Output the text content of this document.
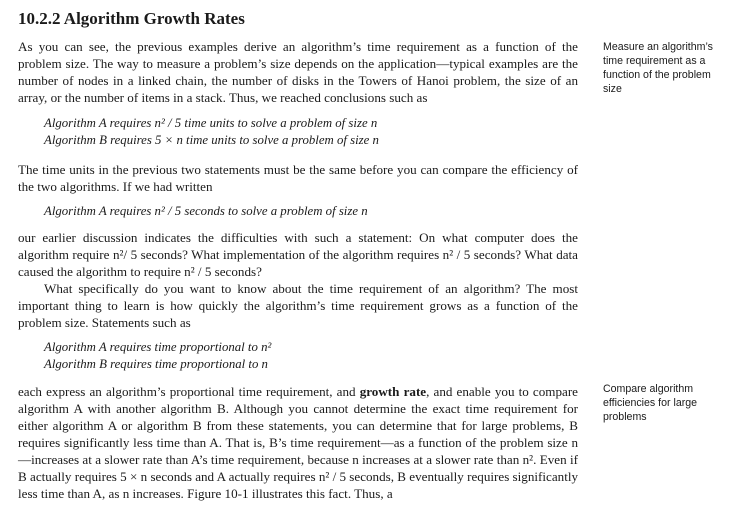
10.2.2 Algorithm Growth Rates

As you can see, the previous examples derive an algorithm’s time requirement as a function of the problem size. The way to measure a problem’s size depends on the application—typical examples are the number of nodes in a linked chain, the number of disks in the Towers of Hanoi problem, the size of an array, or the number of items in a stack. Thus, we reached conclusions such as

Algorithm A requires n² / 5 time units to solve a problem of size n
Algorithm B requires 5 × n time units to solve a problem of size n

The time units in the previous two statements must be the same before you can compare the efficiency of the two algorithms. If we had written

Algorithm A requires n² / 5 seconds to solve a problem of size n

our earlier discussion indicates the difficulties with such a statement: On what computer does the algorithm require n²/ 5 seconds? What implementation of the algorithm requires n² / 5 seconds? What data caused the algorithm to require n² / 5 seconds?

What specifically do you want to know about the time requirement of an algorithm? The most important thing to learn is how quickly the algorithm’s time requirement grows as a function of the problem size. Statements such as

Algorithm A requires time proportional to n²
Algorithm B requires time proportional to n

each express an algorithm’s proportional time requirement, and growth rate, and enable you to compare algorithm A with another algorithm B. Although you cannot determine the exact time requirement for either algorithm A or algorithm B from these statements, you can determine that for large problems, B requires significantly less time than A. That is, B’s time requirement—as a function of the problem size n—increases at a slower rate than A’s time requirement, because n increases at a slower rate than n². Even if B actually requires 5 × n seconds and A actually requires n² / 5 seconds, B eventually requires significantly less time than A, as n increases. Figure 10-1 illustrates this fact. Thus, a

Measure an algorithm’s time requirement as a function of the problem size

Compare algorithm efficiencies for large problems
